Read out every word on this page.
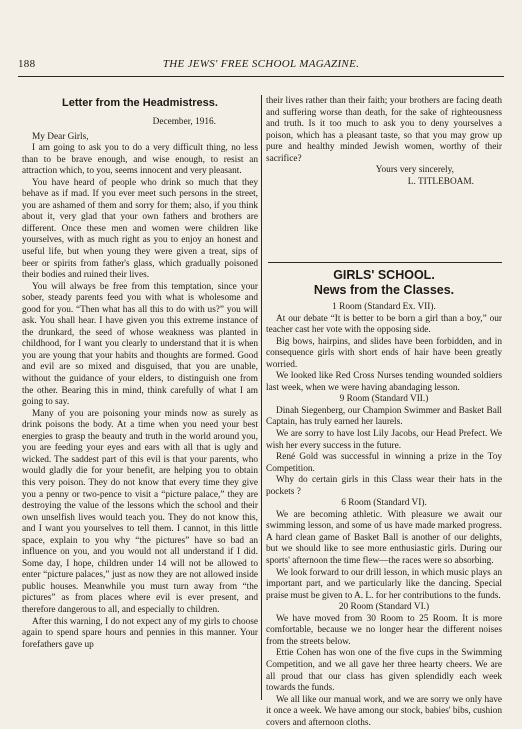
188	THE JEWS' FREE SCHOOL MAGAZINE.
Letter from the Headmistress.
December, 1916.

My Dear Girls,

I am going to ask you to do a very difficult thing, no less than to be brave enough, and wise enough, to resist an attraction which, to you, seems innocent and very pleasant.

You have heard of people who drink so much that they behave as if mad. If you ever meet such persons in the street, you are ashamed of them and sorry for them; also, if you think about it, very glad that your own fathers and brothers are different. Once these men and women were children like yourselves, with as much right as you to enjoy an honest and useful life, but when young they were given a treat, sips of beer or spirits from father's glass, which gradually poisoned their bodies and ruined their lives.

You will always be free from this temptation, since your sober, steady parents feed you with what is wholesome and good for you. “Then what has all this to do with us?” you will ask. You shall hear. I have given you this extreme instance of the drunkard, the seed of whose weakness was planted in childhood, for I want you clearly to understand that it is when you are young that your habits and thoughts are formed. Good and evil are so mixed and disguised, that you are unable, without the guidance of your elders, to distinguish one from the other. Bearing this in mind, think carefully of what I am going to say.

Many of you are poisoning your minds now as surely as drink poisons the body. At a time when you need your best energies to grasp the beauty and truth in the world around you, you are feeding your eyes and ears with all that is ugly and wicked. The saddest part of this evil is that your parents, who would gladly die for your benefit, are helping you to obtain this very poison. They do not know that every time they give you a penny or two-pence to visit a “picture palace,” they are destroying the value of the lessons which the school and their own unselfish lives would teach you. They do not know this, and I want you yourselves to tell them. I cannot, in this little space, explain to you why “the pictures” have so bad an influence on you, and you would not all understand if I did. Some day, I hope, children under 14 will not be allowed to enter “picture palaces,” just as now they are not allowed inside public houses. Meanwhile you must turn away from “the pictures” as from places where evil is ever present, and therefore dangerous to all, and especially to children.

After this warning, I do not expect any of my girls to choose again to spend spare hours and pennies in this manner. Your forefathers gave up

their lives rather than their faith; your brothers are facing death and suffering worse than death, for the sake of righteousness and truth. Is it too much to ask you to deny yourselves a poison, which has a pleasant taste, so that you may grow up pure and healthy minded Jewish women, worthy of their sacrifice?

Yours very sincerely,
L. TITLEBOAM.
GIRLS' SCHOOL.
News from the Classes.

1 Room (Standard Ex. VII).

At our debate “It is better to be born a girl than a boy,” our teacher cast her vote with the opposing side.

Big bows, hairpins, and slides have been forbidden, and in consequence girls with short ends of hair have been greatly worried.

We looked like Red Cross Nurses tending wounded soldiers last week, when we were having abandaging lesson.

9 Room (Standard VII.)

Dinah Siegenberg, our Champion Swimmer and Basket Ball Captain, has truly earned her laurels.

We are sorry to have lost Lily Jacobs, our Head Prefect. We wish her every success in the future.

René Gold was successful in winning a prize in the Toy Competition.

Why do certain girls in this Class wear their hats in the pockets ?

6 Room (Standard VI).

We are becoming athletic. With pleasure we await our swimming lesson, and some of us have made marked progress. A hard clean game of Basket Ball is another of our delights, but we should like to see more enthusiastic girls. During our sports' afternoon the time flew—the races were so absorbing.

We look forward to our drill lesson, in which music plays an important part, and we particularly like the dancing. Special praise must be given to A. L. for her contributions to the funds.

20 Room (Standard VI.)

We have moved from 30 Room to 25 Room. It is more comfortable, because we no longer hear the different noises from the streets below.

Ettie Cohen has won one of the five cups in the Swimming Competition, and we all gave her three hearty cheers. We are all proud that our class has given splendidly each week towards the funds.

We all like our manual work, and we are sorry we only have it once a week. We have among our stock, babies' bibs, cushion covers and afternoon cloths.
